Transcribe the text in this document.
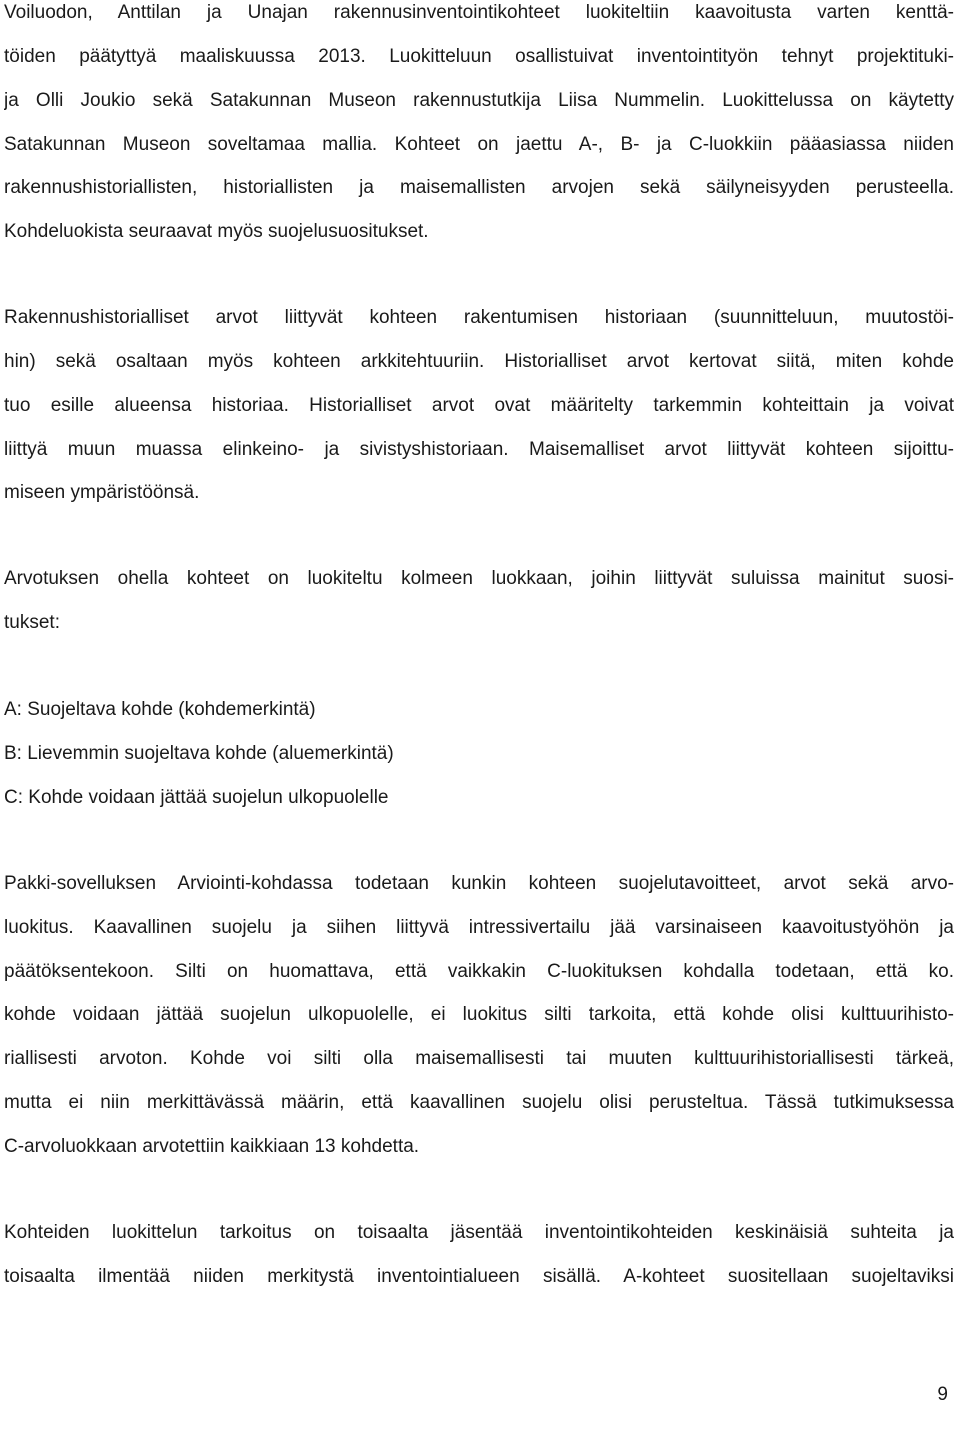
Voiluodon, Anttilan ja Unajan rakennusinventointikohteet luokiteltiin kaavoitusta varten kenttä-
töiden päätyttyä maaliskuussa 2013. Luokitteluun osallistuivat inventointityön tehnyt projektituki-
ja Olli Joukio sekä Satakunnan Museon rakennustutkija Liisa Nummelin. Luokittelussa on käytetty
Satakunnan Museon soveltamaa mallia. Kohteet on jaettu A-, B- ja C-luokkiin pääasiassa niiden
rakennushistoriallisten, historiallisten ja maisemallisten arvojen sekä säilyneisyyden perusteella.
Kohdeluokista seuraavat myös suojelusuositukset.
Rakennushistorialliset arvot liittyvät kohteen rakentumisen historiaan (suunnitteluun, muutostöi-
hin) sekä osaltaan myös kohteen arkkitehtuuriin. Historialliset arvot kertovat siitä, miten kohde
tuo esille alueensa historiaa. Historialliset arvot ovat määritelty tarkemmin kohteittain ja voivat
liittyä muun muassa elinkeino- ja sivistyshistoriaan. Maisemalliset arvot liittyvät kohteen sijoittu-
miseen ympäristöönsä.
Arvotuksen ohella kohteet on luokiteltu kolmeen luokkaan, joihin liittyvät suluissa mainitut suosi-
tukset:
A: Suojeltava kohde (kohdemerkintä)
B: Lievemmin suojeltava kohde (aluemerkintä)
C: Kohde voidaan jättää suojelun ulkopuolelle
Pakki-sovelluksen Arviointi-kohdassa todetaan kunkin kohteen suojelutavoitteet, arvot sekä arvo-
luokitus. Kaavallinen suojelu ja siihen liittyvä intressivertailu jää varsinaiseen kaavoitustyöhön ja
päätöksentekoon. Silti on huomattava, että vaikkakin C-luokituksen kohdalla todetaan, että ko.
kohde voidaan jättää suojelun ulkopuolelle, ei luokitus silti tarkoita, että kohde olisi kulttuurihisto-
riallisesti arvoton. Kohde voi silti olla maisemallisesti tai muuten kulttuurihistoriallisesti tärkeä,
mutta ei niin merkittävässä määrin, että kaavallinen suojelu olisi perusteltua. Tässä tutkimuksessa
C-arvoluokkaan arvotettiin kaikkiaan 13 kohdetta.
Kohteiden luokittelun tarkoitus on toisaalta jäsentää inventointikohteiden keskinäisiä suhteita ja
toisaalta ilmentää niiden merkitystä inventointialueen sisällä. A-kohteet suositellaan suojeltaviksi
9
